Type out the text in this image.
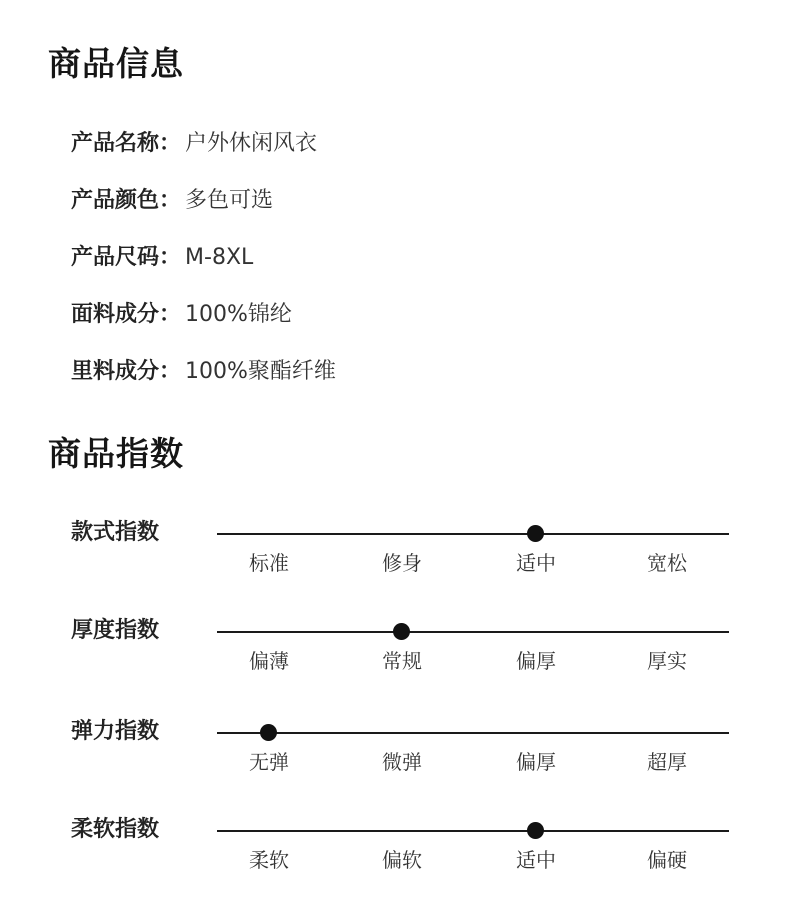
商品信息
产品名称： 户外休闲风衣
产品颜色： 多色可选
产品尺码： M-8XL
面料成分： 100%锦纶
里料成分： 100%聚酯纤维
商品指数
款式指数
标准	修身	适中	宽松
厚度指数
偏薄	常规	偏厚	厚实
弹力指数
无弹	微弹	偏厚	超厚
柔软指数
柔软	偏软	适中	偏硬
